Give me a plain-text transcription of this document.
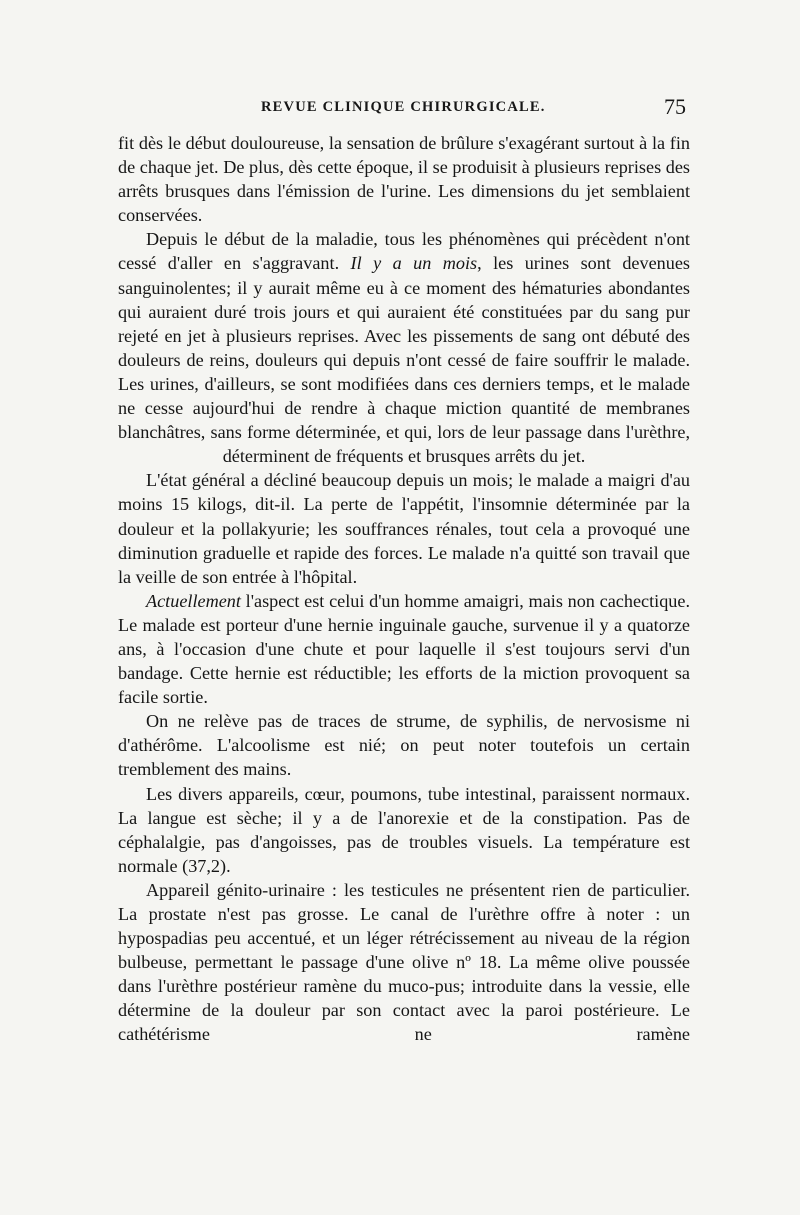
REVUE CLINIQUE CHIRURGICALE.	75

fit dès le début douloureuse, la sensation de brûlure s'exagérant surtout à la fin de chaque jet. De plus, dès cette époque, il se produisit à plusieurs reprises des arrêts brusques dans l'émission de l'urine. Les dimensions du jet semblaient conservées.

Depuis le début de la maladie, tous les phénomènes qui précèdent n'ont cessé d'aller en s'aggravant. Il y a un mois, les urines sont devenues sanguinolentes; il y aurait même eu à ce moment des hématuries abondantes qui auraient duré trois jours et qui auraient été constituées par du sang pur rejeté en jet à plusieurs reprises. Avec les pissements de sang ont débuté des douleurs de reins, douleurs qui depuis n'ont cessé de faire souffrir le malade. Les urines, d'ailleurs, se sont modifiées dans ces derniers temps, et le malade ne cesse aujourd'hui de rendre à chaque miction quantité de membranes blanchâtres, sans forme déterminée, et qui, lors de leur passage dans l'urèthre, déterminent de fréquents et brusques arrêts du jet.

L'état général a décliné beaucoup depuis un mois; le malade a maigri d'au moins 15 kilogs, dit-il. La perte de l'appétit, l'insomnie déterminée par la douleur et la pollakyurie; les souffrances rénales, tout cela a provoqué une diminution graduelle et rapide des forces. Le malade n'a quitté son travail que la veille de son entrée à l'hôpital.

Actuellement l'aspect est celui d'un homme amaigri, mais non cachectique. Le malade est porteur d'une hernie inguinale gauche, survenue il y a quatorze ans, à l'occasion d'une chute et pour laquelle il s'est toujours servi d'un bandage. Cette hernie est réductible; les efforts de la miction provoquent sa facile sortie.

On ne relève pas de traces de strume, de syphilis, de nervosisme ni d'athérôme. L'alcoolisme est nié; on peut noter toutefois un certain tremblement des mains.

Les divers appareils, cœur, poumons, tube intestinal, paraissent normaux. La langue est sèche; il y a de l'anorexie et de la constipation. Pas de céphalalgie, pas d'angoisses, pas de troubles visuels. La température est normale (37,2).

Appareil génito-urinaire : les testicules ne présentent rien de particulier. La prostate n'est pas grosse. Le canal de l'urèthre offre à noter : un hypospadias peu accentué, et un léger rétrécissement au niveau de la région bulbeuse, permettant le passage d'une olive nº 18. La même olive poussée dans l'urèthre postérieur ramène du muco-pus; introduite dans la vessie, elle détermine de la douleur par son contact avec la paroi postérieure. Le cathétérisme ne ramène
